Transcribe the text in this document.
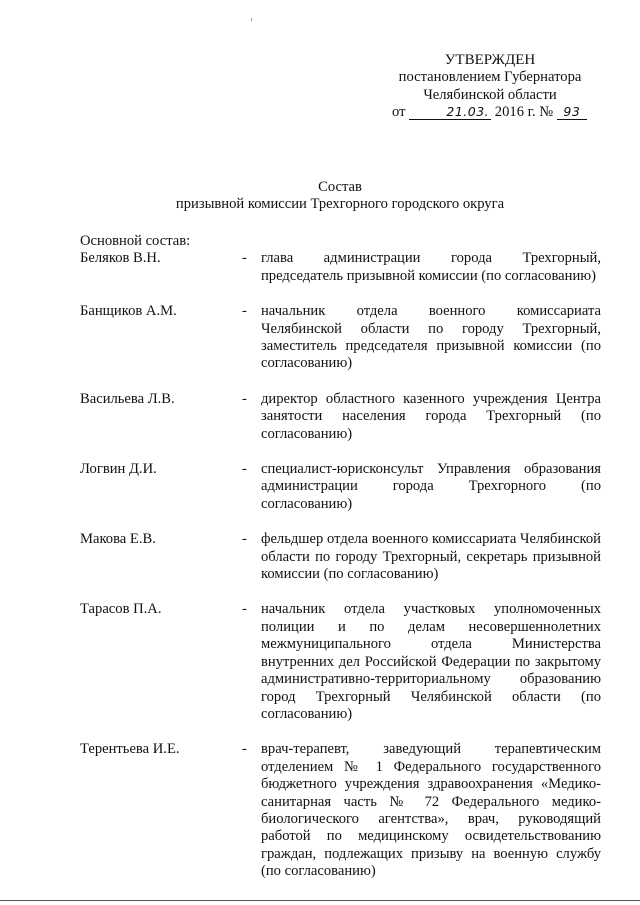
УТВЕРЖДЕН
постановлением Губернатора
Челябинской области
от	21.03. 2016 г. № 93
Состав
призывной комиссии Трехгорного городского округа
Основной состав:
Беляков В.Н.	- глава администрации города Трехгорный, председатель призывной комиссии (по согласованию)
Банщиков А.М.	- начальник отдела военного комиссариата Челябинской области по городу Трехгорный, заместитель председателя призывной комиссии (по согласованию)
Васильева Л.В.	- директор областного казенного учреждения Центра занятости населения города Трехгорный (по согласованию)
Логвин Д.И.	- специалист-юрисконсульт Управления образования администрации города Трехгорного (по согласованию)
Макова Е.В.	- фельдшер отдела военного комиссариата Челябинской области по городу Трехгорный, секретарь призывной комиссии (по согласованию)
Тарасов П.А.	- начальник отдела участковых уполномоченных полиции и по делам несовершеннолетних межмуниципального отдела Министерства внутренних дел Российской Федерации по закрытому административно-территориальному образованию город Трехгорный Челябинской области (по согласованию)
Терентьева И.Е.	- врач-терапевт, заведующий терапевтическим отделением № 1 Федерального государственного бюджетного учреждения здравоохранения «Медико-санитарная часть № 72 Федерального медико-биологического агентства», врач, руководящий работой по медицинскому освидетельствованию граждан, подлежащих призыву на военную службу (по согласованию)
